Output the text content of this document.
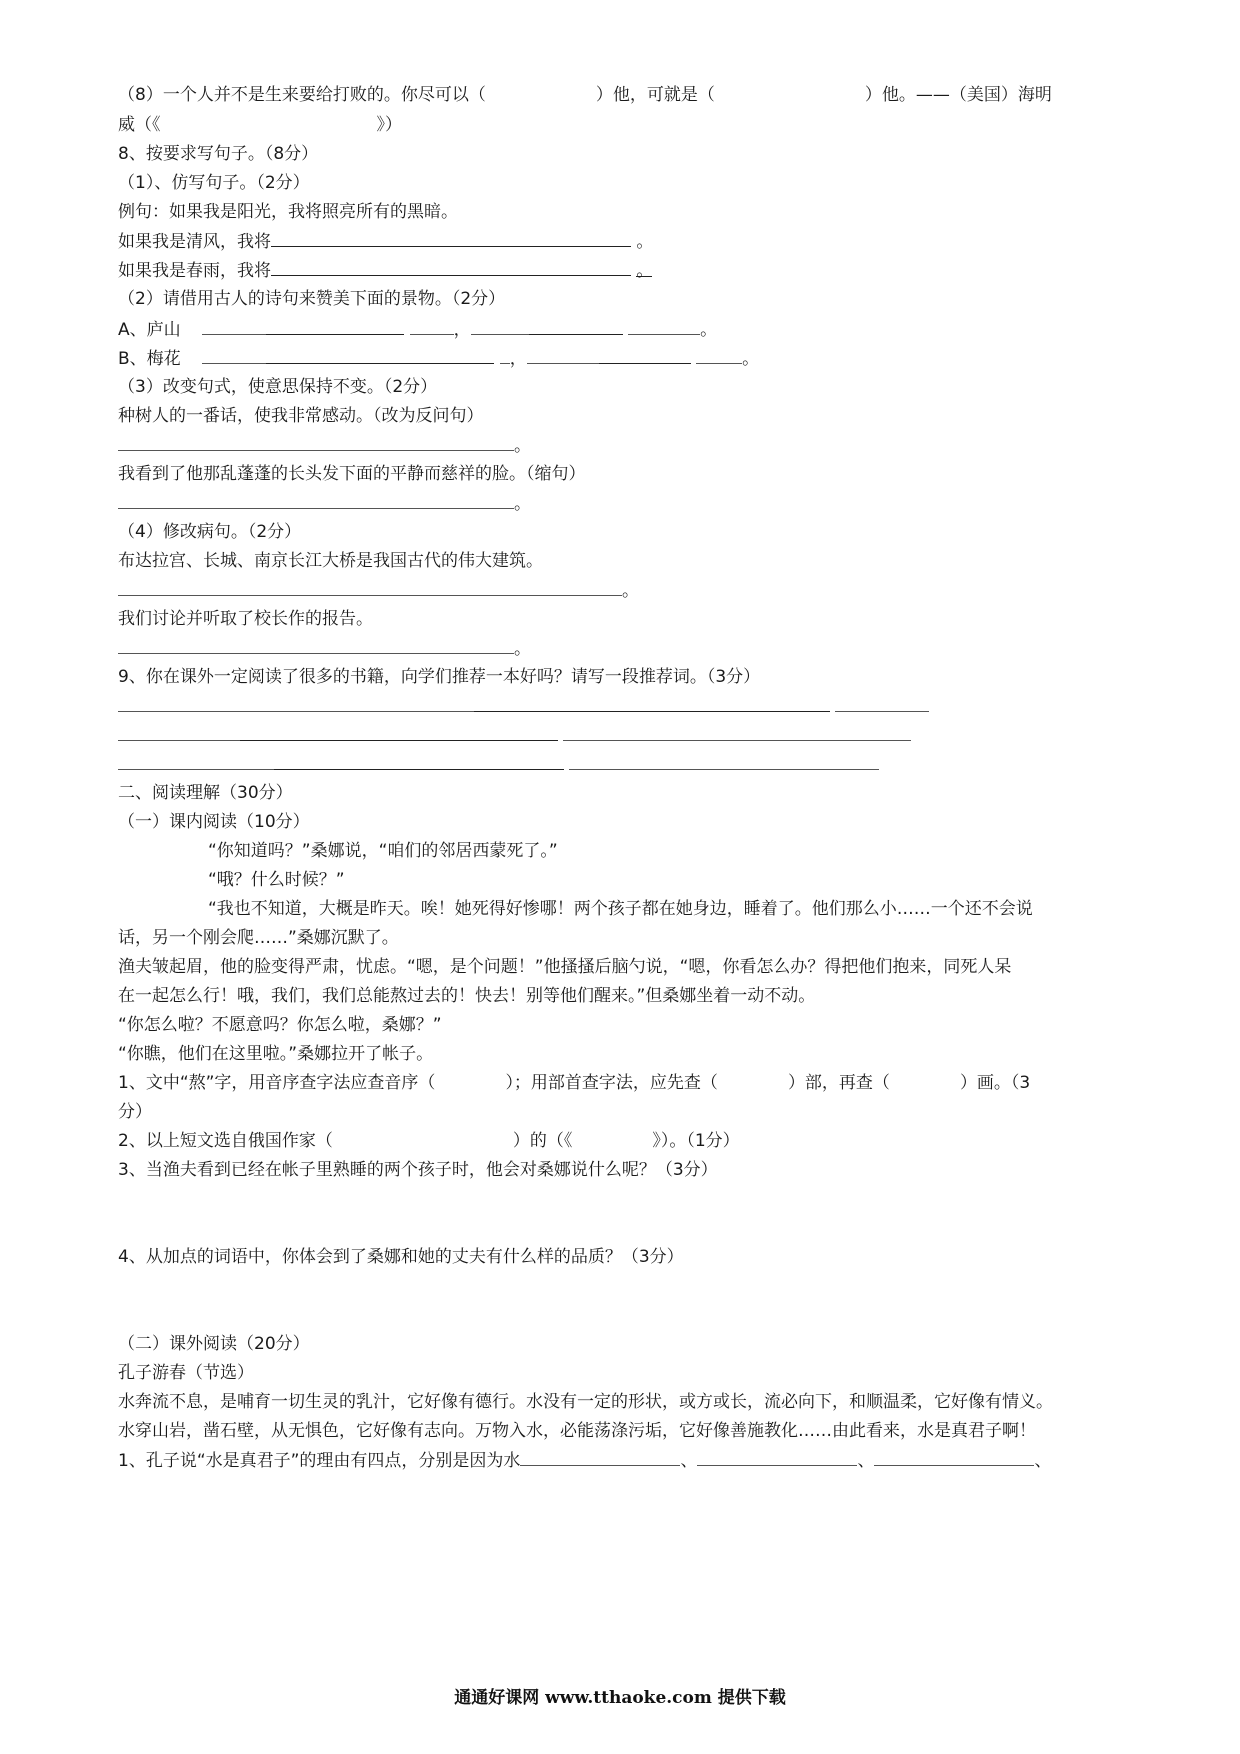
（8）一个人并不是生来要给打败的。你尽可以（	）他，可就是（	）他。——（美国）海明
威（《	》）
8、按要求写句子。（8分）
（1）、仿写句子。（2分）
例句：如果我是阳光，我将照亮所有的黑暗。
如果我是清风，我将	。
如果我是春雨，我将	。
（2）请借用古人的诗句来赞美下面的景物。（2分）
A、庐山	，	。
B、梅花	，	。
（3）改变句式，使意思保持不变。（2分）
种树人的一番话，使我非常感动。（改为反问句）
。
我看到了他那乱蓬蓬的长头发下面的平静而慈祥的脸。（缩句）
。
（4）修改病句。（2分）
布达拉宫、长城、南京长江大桥是我国古代的伟大建筑。
。
我们讨论并听取了校长作的报告。
。
9、你在课外一定阅读了很多的书籍，向学们推荐一本好吗？请写一段推荐词。（3分）

二、阅读理解（30分）
（一）课内阅读（10分）
“你知道吗？”桑娜说，“咱们的邻居西蒙死了。”
“哦？什么时候？”
“我也不知道，大概是昨天。唉！她死得好惨哪！两个孩子都在她身边，睡着了。他们那么小……一个还不会说
话，另一个刚会爬……”桑娜沉默了。
渔夫皱起眉，他的脸变得严肃，忧虑。“嗯，是个问题！”他搔搔后脑勺说，“嗯，你看怎么办？得把他们抱来，同死人呆
在一起怎么行！哦，我们，我们总能熬过去的！快去！别等他们醒来。”但桑娜坐着一动不动。
“你怎么啦？不愿意吗？你怎么啦，桑娜？”
“你瞧，他们在这里啦。”桑娜拉开了帐子。
1、文中“熬”字，用音序查字法应查音序（	）；用部首查字法，应先查（	）部，再查（	）画。（3
分）
2、以上短文选自俄国作家（	）的（《	》）。（1分）
3、当渔夫看到已经在帐子里熟睡的两个孩子时，他会对桑娜说什么呢？（3分）
4、从加点的词语中，你体会到了桑娜和她的丈夫有什么样的品质？（3分）
（二）课外阅读（20分）
孔子游春（节选）
水奔流不息，是哺育一切生灵的乳汁，它好像有德行。水没有一定的形状，或方或长，流必向下，和顺温柔，它好像有情义。
水穿山岩，凿石壁，从无惧色，它好像有志向。万物入水，必能荡涤污垢，它好像善施教化……由此看来，水是真君子啊！
1、孔子说“水是真君子”的理由有四点，分别是因为水	、	、	、
通通好课网 www.tthaoke.com 提供下载
